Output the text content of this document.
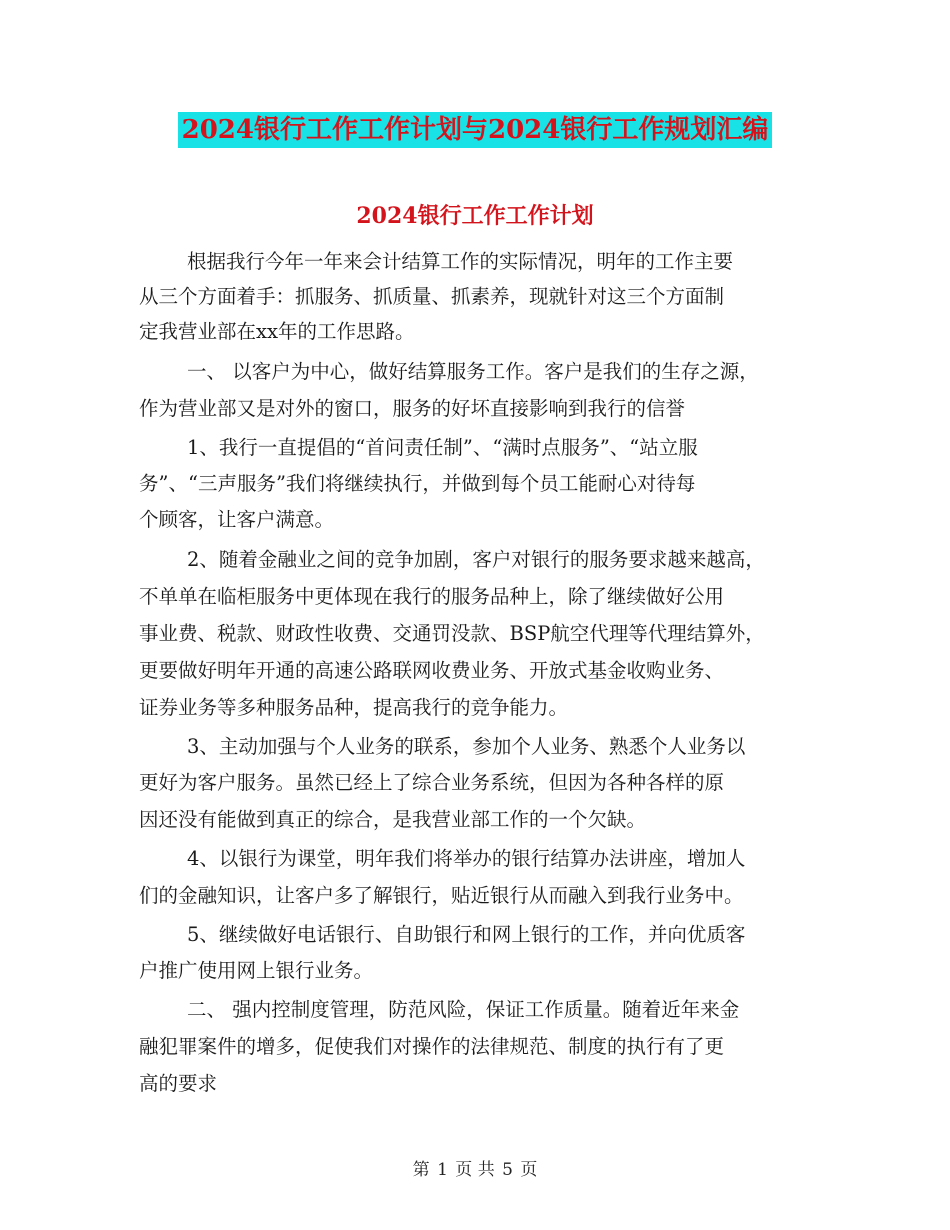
2024银行工作工作计划与2024银行工作规划汇编
2024银行工作工作计划
根据我行今年一年来会计结算工作的实际情况，明年的工作主要
从三个方面着手：抓服务、抓质量、抓素养，现就针对这三个方面制
定我营业部在xx年的工作思路。
一、 以客户为中心，做好结算服务工作。客户是我们的生存之源，
作为营业部又是对外的窗口，服务的好坏直接影响到我行的信誉
1、我行一直提倡的“首问责任制”、“满时点服务”、“站立服
务”、“三声服务”我们将继续执行，并做到每个员工能耐心对待每
个顾客，让客户满意。
2、随着金融业之间的竞争加剧，客户对银行的服务要求越来越高，
不单单在临柜服务中更体现在我行的服务品种上，除了继续做好公用
事业费、税款、财政性收费、交通罚没款、BSP航空代理等代理结算外，
更要做好明年开通的高速公路联网收费业务、开放式基金收购业务、
证券业务等多种服务品种，提高我行的竞争能力。
3、主动加强与个人业务的联系，参加个人业务、熟悉个人业务以
更好为客户服务。虽然已经上了综合业务系统，但因为各种各样的原
因还没有能做到真正的综合，是我营业部工作的一个欠缺。
4、以银行为课堂，明年我们将举办的银行结算办法讲座，增加人
们的金融知识，让客户多了解银行，贴近银行从而融入到我行业务中。
5、继续做好电话银行、自助银行和网上银行的工作，并向优质客
户推广使用网上银行业务。
二、 强内控制度管理，防范风险，保证工作质量。随着近年来金
融犯罪案件的增多，促使我们对操作的法律规范、制度的执行有了更
高的要求
第 1 页 共 5 页
